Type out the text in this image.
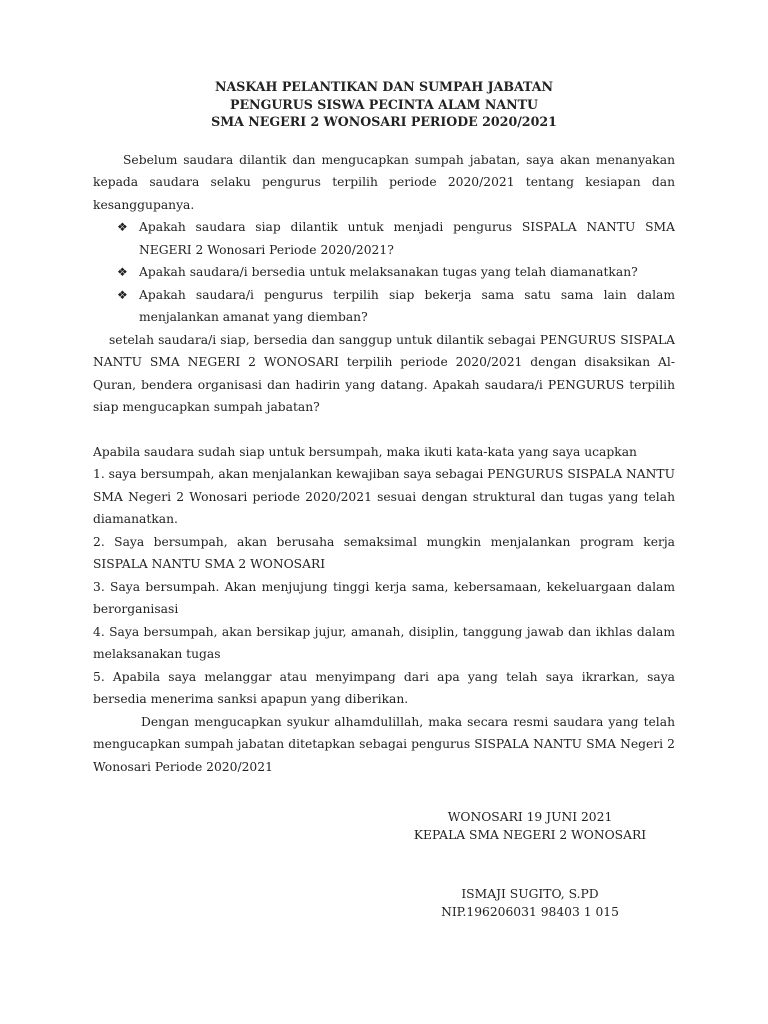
NASKAH PELANTIKAN DAN SUMPAH JABATAN

PENGURUS SISWA PECINTA ALAM NANTU

SMA NEGERI 2 WONOSARI PERIODE 2020/2021

Sebelum saudara dilantik dan mengucapkan sumpah jabatan, saya akan menanyakan kepada saudara selaku pengurus terpilih periode 2020/2021 tentang kesiapan dan kesanggupanya.

❖ Apakah saudara siap dilantik untuk menjadi pengurus SISPALA NANTU SMA NEGERI 2 Wonosari Periode 2020/2021?
❖ Apakah saudara/i bersedia untuk melaksanakan tugas yang telah diamanatkan?
❖ Apakah saudara/i pengurus terpilih siap bekerja sama satu sama lain dalam menjalankan amanat yang diemban?

setelah saudara/i siap, bersedia dan sanggup untuk dilantik sebagai PENGURUS SISPALA NANTU SMA NEGERI 2 WONOSARI terpilih periode 2020/2021 dengan disaksikan Al-Quran, bendera organisasi dan hadirin yang datang. Apakah saudara/i PENGURUS terpilih siap mengucapkan sumpah jabatan?

Apabila saudara sudah siap untuk bersumpah, maka ikuti kata-kata yang saya ucapkan

1. saya bersumpah, akan menjalankan kewajiban saya sebagai PENGURUS SISPALA NANTU SMA Negeri 2 Wonosari periode 2020/2021 sesuai dengan struktural dan tugas yang telah diamanatkan.

2. Saya bersumpah, akan berusaha semaksimal mungkin menjalankan program kerja SISPALA NANTU SMA 2 WONOSARI

3. Saya bersumpah. Akan menjujung tinggi kerja sama, kebersamaan, kekeluargaan dalam berorganisasi

4. Saya bersumpah, akan bersikap jujur, amanah, disiplin, tanggung jawab dan ikhlas dalam melaksanakan tugas

5. Apabila saya melanggar atau menyimpang dari apa yang telah saya ikrarkan, saya bersedia menerima sanksi apapun yang diberikan.

Dengan mengucapkan syukur alhamdulillah, maka secara resmi saudara yang telah mengucapkan sumpah jabatan ditetapkan sebagai pengurus SISPALA NANTU SMA Negeri 2 Wonosari Periode 2020/2021

WONOSARI 19 JUNI 2021

KEPALA SMA NEGERI 2 WONOSARI

ISMAJI SUGITO, S.PD

NIP.196206031 98403 1 015
